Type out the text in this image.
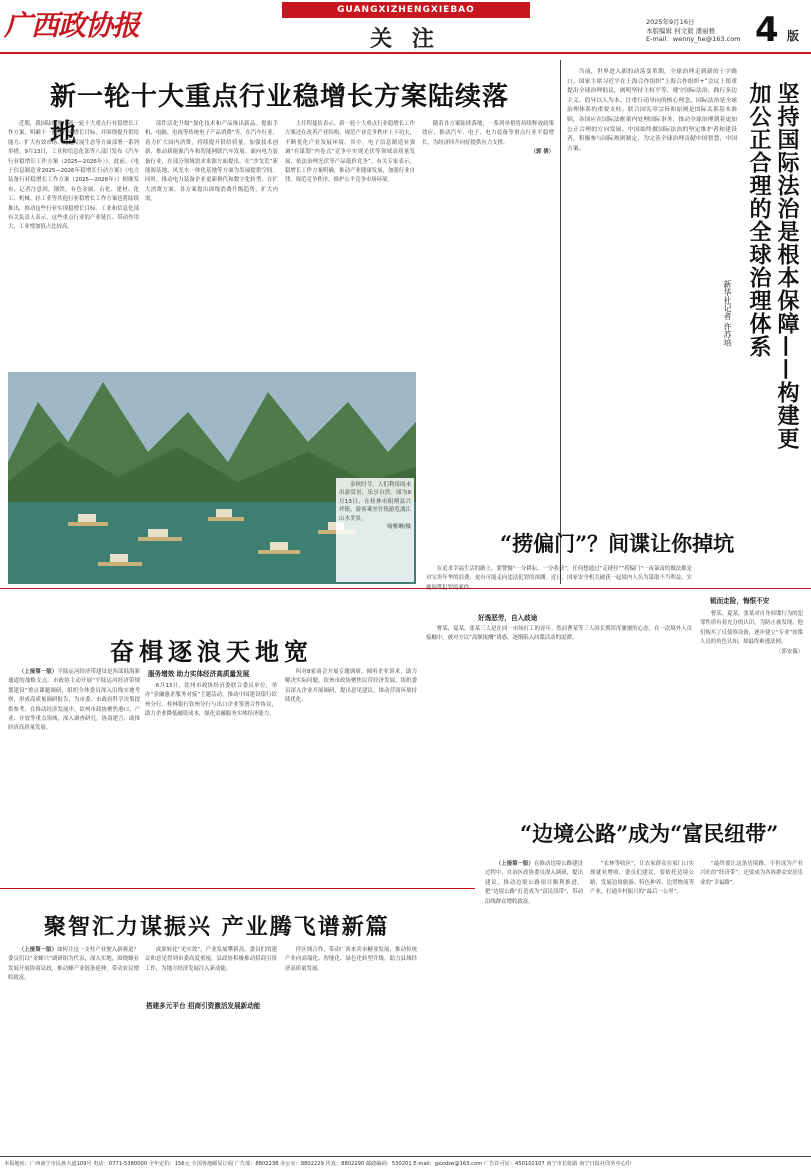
广西政协报	GUANGXIZHENGXIEBAO
关 注
2025年9月16日
本版编辑 何文毅 潘丽雅
E-mail：wenny_he@163.com 4 版
新一轮十大重点行业稳增长方案陆续落地

近期，我国陆续推出新一轮十大重点行业稳增长工作方案，明确下一阶段行业增长目标，并围绕提升供给能力、扩大有效市场、优化发展生态等方面部署一系列举措。9月13日，工业和信息化部等八部门发布《汽车行业稳增长工作方案（2025—2026年）》。此前，《电子信息制造业2025—2026年稳增长行动方案》《电力装备行业稳增长工作方案（2025—2026年）》相继发布。记者注意到，钢铁、有色金属、石化、建材、化工、机械、轻工业等其他行业稳增长工作方案也将陆续推出，推动这些行业实现稳增长目标。工业和信息化部有关负责人表示，这些重点行业的产业链长、带动作用大，工业增加值占比较高。

部件活化升级”强化技术和产品推出新品。提振手机、电脑、电视等传统电子产品消费”等。在汽车行业，着力扩大国内消费，持续提升供给质量。加强技术创新，推动新能源汽车和智能网联汽车发展。面向电力装备行业，在部分领域需求来源方面提出，在“沙戈荒”新能源基地、风光水一体化基地等方面为发展提供空间。同时，推动电力装备企业更新换代和数字化转型。在扩大消费方面，各方案提出围绕消费升级趋势，扩大内需。

主任程蔓钦表示，新一轮十大重点行业稳增长工作方案还在改善产业结构、规范产业竞争秩序上下功夫，不断优化产业发展环境。其中，电子信息制造业强调“在谋划“内卷式”竞争中实现光伏等领域高质量发展，依法治理光伏等产品低价竞争”。有关专家表示，稳增长工作方案明确，推动产业健康发展，加强行业自律，规范竞争秩序，维护公平竞争市场环境。

随着各方案陆续落地，一系列举措将持续释放政策效应，推动汽车、电子、电力装备等重点行业平稳增长，为经济回升向好提供有力支撑。

（郭 倩）

金秋时节，人们利用周末出游赏景，乐享自然。图为9月13日，在桂林市阳朔县兴坪镇，游客乘坐竹筏游览漓江山水美景。

喻雅琳/摄

当前，世界进入新的动荡变革期，全球治理走到新的十字路口。国家主席习近平在上海合作组织“上海合作组织+”会议上郑重提出全球治理倡议，阐明坚持主权平等、遵守国际法治、践行多边主义、倡导以人为本、注重行动导向的核心理念。国际法治是全球治理体系的重要支柱。联合国宪章宗旨和原则是国际关系基本准则，各国应在国际法框架内处理国际事务，推动全球治理朝着更加公正合理的方向发展。中国始终做国际法治的坚定维护者和建设者，积极参与国际规则制定，为完善全球治理贡献中国智慧、中国方案。	坚持国际法治是根本保障——构建更加公正合理的全球治理体系
新华社记者 许苏培
“捞偏门”？间谍让你掉坑

在追求幸福生活的路上，要警惕“一分耕耘，一分收获”，任何想通过“走捷径”“捞偏门”一夜暴富的做法都是对宝贵年华的浪费，更有可能走向违法犯罪的深渊。近日，国家安全机关破获一起境内人员为谋取不当利益、实施间谍犯罪的案件。

好逸恶劳，自入歧途

曹某、夏某、张某三人是在同一市场打工的青年。然而曹某等三人因长期浑浑噩噩的心态，在一次境外人员接触中，被对方以“高额报酬”诱惑，逐渐陷入间谍活动的泥潭。

铤而走险，悔恨不安

曹某、夏某、张某对自身间谍行为的犯罪性质有着充分的认识，为防止被发现，他们购买了反侦察设备，逐步建立“专业”间谍人员的角色认知，却最终难逃法网。

（郭安薇）

奋楫逐浪天地宽

（上接第一版）平陆运河经济带建设是西部陆海新通道的战略支点。市政协主动开展“平陆运河经济带规划建设”重点课题调研，组织全体委员深入沿线实地考察，形成高质量调研报告，为市委、市政府科学决策提供参考。在推动经济发展中，钦州市政协聚焦港口、产业、开放等重点领域，深入调查研究，协商建言，助推经济高质量发展。

服务增效 助力实体经济高质量发展

6月13日，钦州市政协经济委联合委员单位，举办“金融惠企服务对接”主题活动，推动中国建设银行钦州分行、桂林银行钦州分行与出口企业签署合作协议，助力企业降低融资成本，强化金融服务实体经济能力。

纠对8家商会开展专题调研，倾听企业诉求，助力解决实际问题。钦州市政协聚焦民营经济发展，组织委员深入企业开展调研，提出意见建议，推动营商环境持续优化。

“边境公路”成为“富民纽带”

（上接第一版）在推动边境公路建设过程中，自治区政协委员深入调研，提出建议，推动边境公路项目顺利推进，把“边境公路”打造成为“富民纽带”，带动沿线群众增收致富。

“农林等收区”，让农家群众在家门口实现就业增收。委员们建议，要依托边境公路，发展边境旅游、特色种养、边贸物流等产业，打通乡村振兴的“最后一公里”。

“最终要让这条边境路，不但成为产业兴旺的“经济带”，还要成为各族群众安居乐业的“幸福路”。

聚智汇力谋振兴 产业腾飞谱新篇

（上接第一版）如何让这一支柱产业驶入新赛道？委员们以“金蜂兴”调研组为代表，深入实地，围绕蜂业发展开展协商议政，推动蜂产业链条延伸，带动农民增收致富。

搭建多元平台 招商引资激活发展新动能

成果转化“见实效”，产业发展攀新高。委员们的建议和意见得到市委高度重视。县政协积极推动招商引资工作，为地方经济发展注入新动能。

伴区域合作，带动广西来宾市糖业发展，推动传统产业向高端化、智能化、绿色化转型升级，助力县域经济高质量发展。

本报地址：广西南宁市民族大道109号 电话：0771-5380000 全年定价：156元 全国各地邮局订阅 广告部：8802238 办公室：8802229 传真：8802290 邮政编码：530201 E-mail：gxzxbw@163.com 广告许可证：450102107 南宁市长虹路 南宁日报社印务中心印
